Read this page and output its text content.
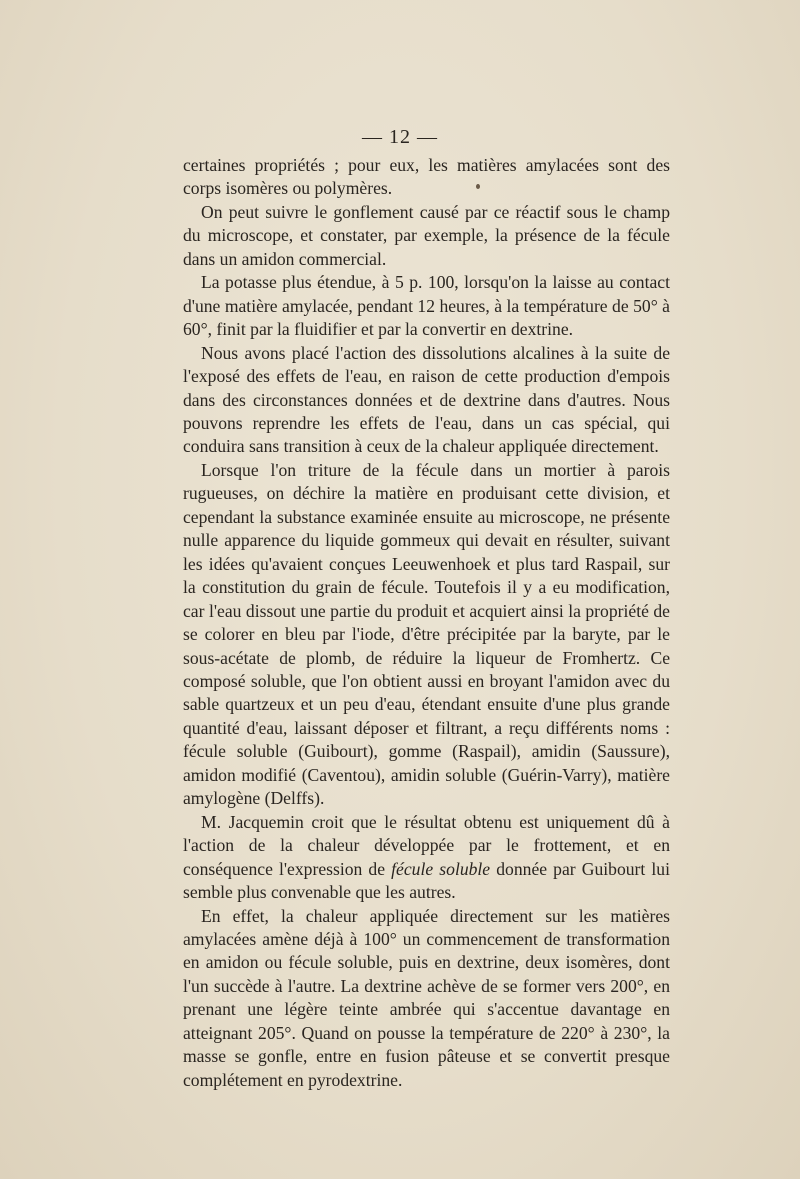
— 12 —

certaines propriétés ; pour eux, les matières amylacées sont des corps isomères ou polymères.

On peut suivre le gonflement causé par ce réactif sous le champ du microscope, et constater, par exemple, la présence de la fécule dans un amidon commercial.

La potasse plus étendue, à 5 p. 100, lorsqu'on la laisse au contact d'une matière amylacée, pendant 12 heures, à la température de 50° à 60°, finit par la fluidifier et par la convertir en dextrine.

Nous avons placé l'action des dissolutions alcalines à la suite de l'exposé des effets de l'eau, en raison de cette production d'empois dans des circonstances données et de dextrine dans d'autres. Nous pouvons reprendre les effets de l'eau, dans un cas spécial, qui conduira sans transition à ceux de la chaleur appliquée directement.

Lorsque l'on triture de la fécule dans un mortier à parois rugueuses, on déchire la matière en produisant cette division, et cependant la substance examinée ensuite au microscope, ne présente nulle apparence du liquide gommeux qui devait en résulter, suivant les idées qu'avaient conçues Leeuwenhoek et plus tard Raspail, sur la constitution du grain de fécule. Toutefois il y a eu modification, car l'eau dissout une partie du produit et acquiert ainsi la propriété de se colorer en bleu par l'iode, d'être précipitée par la baryte, par le sous-acétate de plomb, de réduire la liqueur de Fromhertz. Ce composé soluble, que l'on obtient aussi en broyant l'amidon avec du sable quartzeux et un peu d'eau, étendant ensuite d'une plus grande quantité d'eau, laissant déposer et filtrant, a reçu différents noms : fécule soluble (Guibourt), gomme (Raspail), amidin (Saussure), amidon modifié (Caventou), amidin soluble (Guérin-Varry), matière amylogène (Delffs).

M. Jacquemin croit que le résultat obtenu est uniquement dû à l'action de la chaleur développée par le frottement, et en conséquence l'expression de fécule soluble donnée par Guibourt lui semble plus convenable que les autres.

En effet, la chaleur appliquée directement sur les matières amylacées amène déjà à 100° un commencement de transformation en amidon ou fécule soluble, puis en dextrine, deux isomères, dont l'un succède à l'autre. La dextrine achève de se former vers 200°, en prenant une légère teinte ambrée qui s'accentue davantage en atteignant 205°. Quand on pousse la température de 220° à 230°, la masse se gonfle, entre en fusion pâteuse et se convertit presque complétement en pyrodextrine.
